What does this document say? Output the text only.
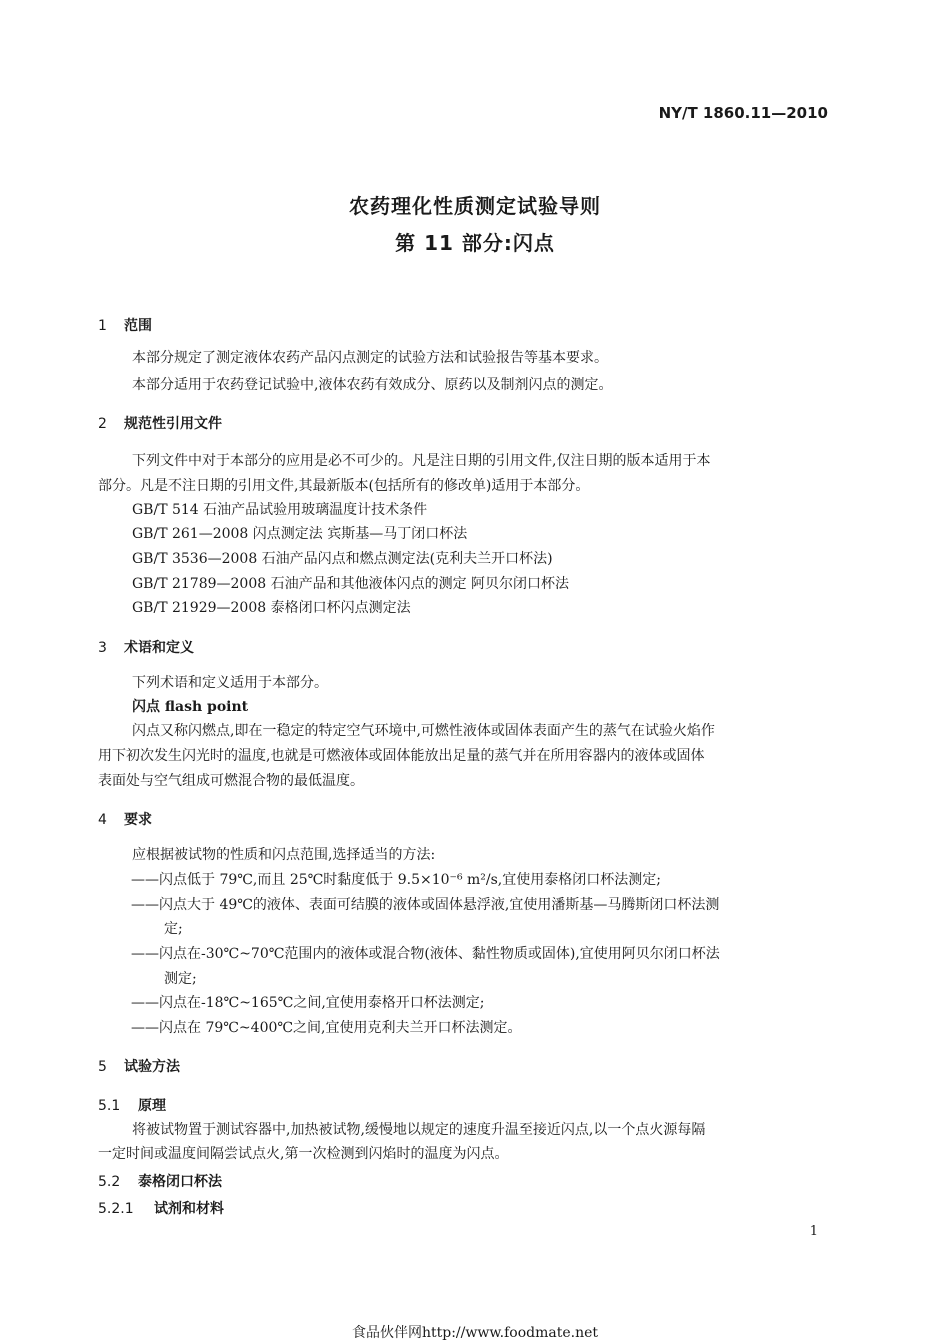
NY/T 1860.11—2010
农药理化性质测定试验导则
第 11 部分:闪点
1 范围
本部分规定了测定液体农药产品闪点测定的试验方法和试验报告等基本要求。
本部分适用于农药登记试验中,液体农药有效成分、原药以及制剂闪点的测定。
2 规范性引用文件
下列文件中对于本部分的应用是必不可少的。凡是注日期的引用文件,仅注日期的版本适用于本
部分。凡是不注日期的引用文件,其最新版本(包括所有的修改单)适用于本部分。
GB/T 514 石油产品试验用玻璃温度计技术条件
GB/T 261—2008 闪点测定法 宾斯基—马丁闭口杯法
GB/T 3536—2008 石油产品闪点和燃点测定法(克利夫兰开口杯法)
GB/T 21789—2008 石油产品和其他液体闪点的测定 阿贝尔闭口杯法
GB/T 21929—2008 泰格闭口杯闪点测定法
3 术语和定义
下列术语和定义适用于本部分。
闪点 flash point
闪点又称闪燃点,即在一稳定的特定空气环境中,可燃性液体或固体表面产生的蒸气在试验火焰作
用下初次发生闪光时的温度,也就是可燃液体或固体能放出足量的蒸气并在所用容器内的液体或固体
表面处与空气组成可燃混合物的最低温度。
4 要求
应根据被试物的性质和闪点范围,选择适当的方法:
——闪点低于 79℃,而且 25℃时黏度低于 9.5×10⁻⁶ m²/s,宜使用泰格闭口杯法测定;
——闪点大于 49℃的液体、表面可结膜的液体或固体悬浮液,宜使用潘斯基—马腾斯闭口杯法测
定;
——闪点在-30℃~70℃范围内的液体或混合物(液体、黏性物质或固体),宜使用阿贝尔闭口杯法
测定;
——闪点在-18℃~165℃之间,宜使用泰格开口杯法测定;
——闪点在 79℃~400℃之间,宜使用克利夫兰开口杯法测定。
5 试验方法
5.1 原理
将被试物置于测试容器中,加热被试物,缓慢地以规定的速度升温至接近闪点,以一个点火源每隔
一定时间或温度间隔尝试点火,第一次检测到闪焰时的温度为闪点。
5.2 泰格闭口杯法
5.2.1 试剂和材料
1
食品伙伴网http://www.foodmate.net
